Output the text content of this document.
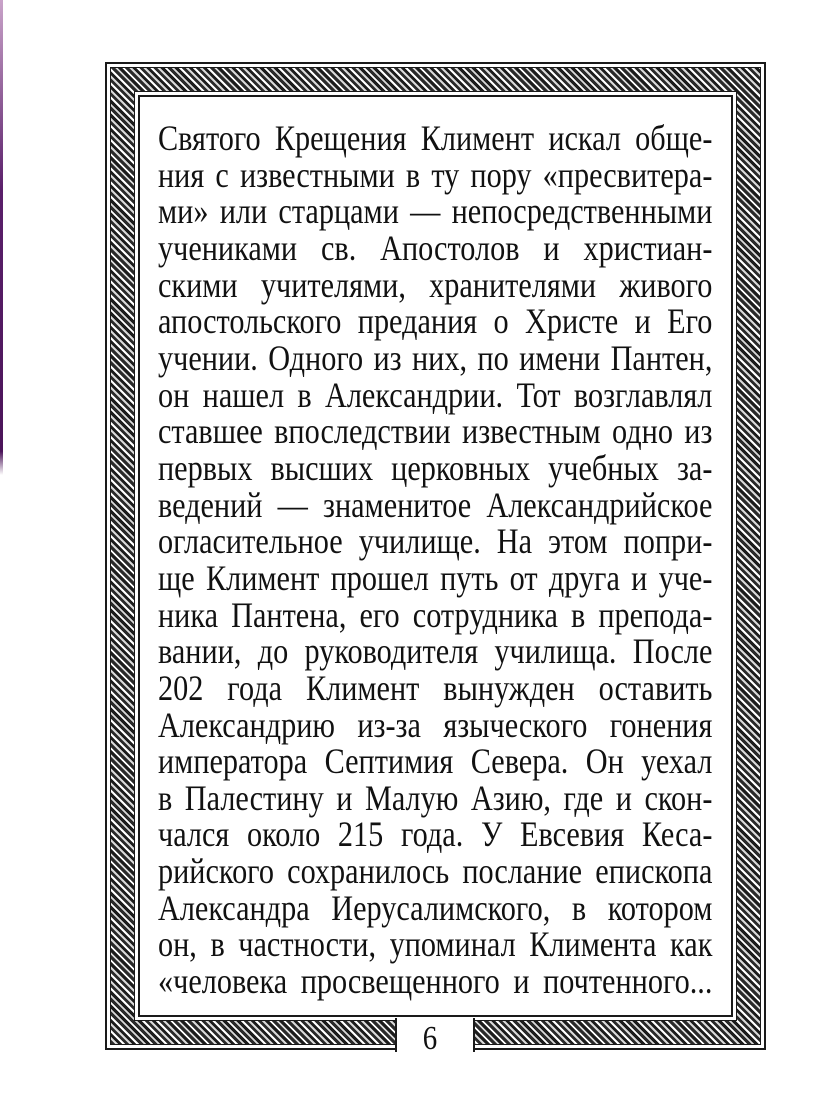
Святого Крещения Климент искал обще-
ния с известными в ту пору «пресвитера-
ми» или старцами — непосредственными
учениками св. Апостолов и христиан-
скими учителями, хранителями живого
апостольского предания о Христе и Его
учении. Одного из них, по имени Пантен,
он нашел в Александрии. Тот возглавлял
ставшее впоследствии известным одно из
первых высших церковных учебных за-
ведений — знаменитое Александрийское
огласительное училище. На этом попри-
ще Климент прошел путь от друга и уче-
ника Пантена, его сотрудника в препода-
вании, до руководителя училища. После
202 года Климент вынужден оставить
Александрию из-за языческого гонения
императора Септимия Севера. Он уехал
в Палестину и Малую Азию, где и скон-
чался около 215 года. У Евсевия Кеса-
рийского сохранилось послание епископа
Александра Иерусалимского, в котором
он, в частности, упоминал Климента как
«человека просвещенного и почтенного...
6
